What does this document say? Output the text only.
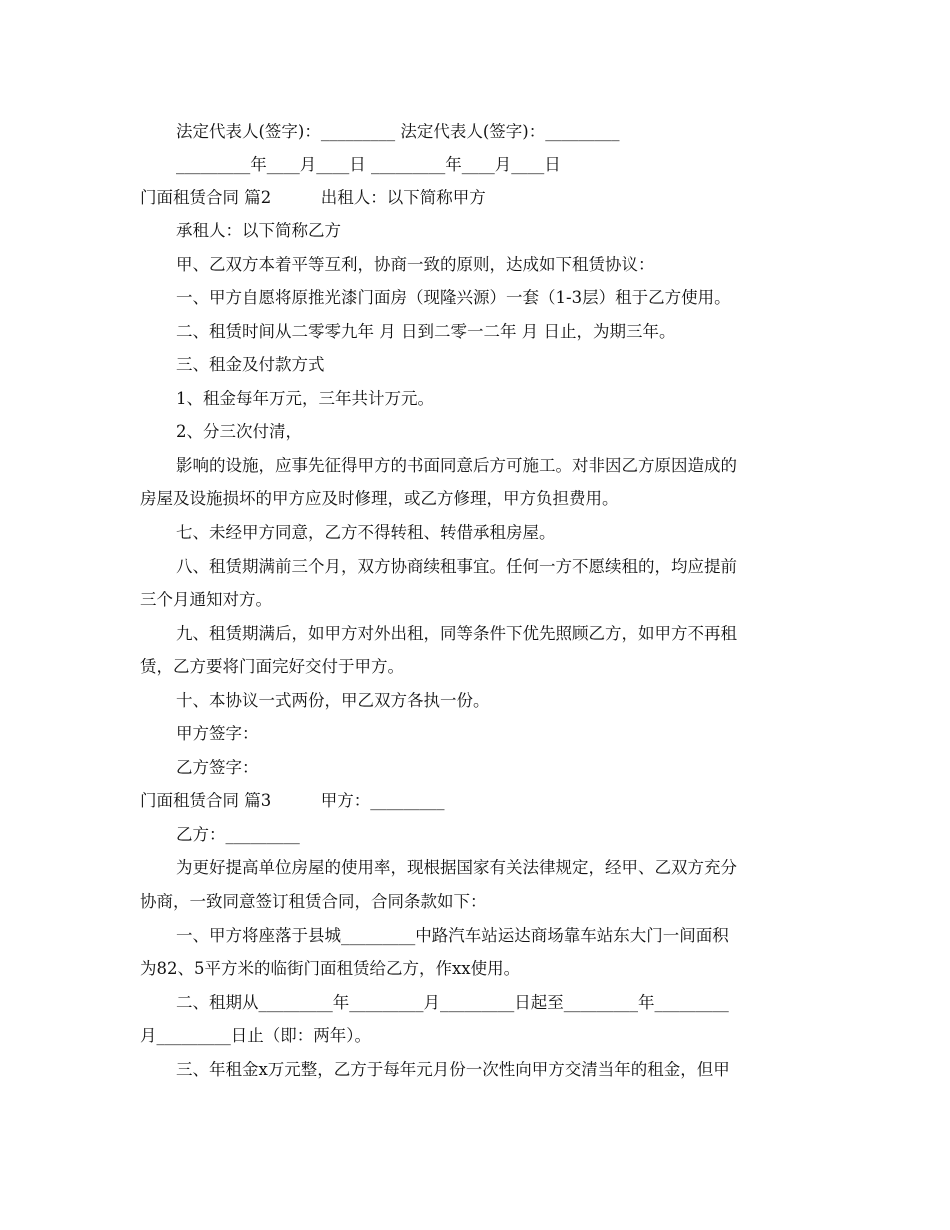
法定代表人(签字)：_________ 法定代表人(签字)：_________
_________年____月____日 _________年____月____日
门面租赁合同 篇2　　　出租人：以下简称甲方
承租人：以下简称乙方
甲、乙双方本着平等互利，协商一致的原则，达成如下租赁协议：
一、甲方自愿将原推光漆门面房（现隆兴源）一套（1-3层）租于乙方使用。
二、租赁时间从二零零九年 月 日到二零一二年 月 日止，为期三年。
三、租金及付款方式
1、租金每年万元，三年共计万元。
2、分三次付清，
影响的设施，应事先征得甲方的书面同意后方可施工。对非因乙方原因造成的
房屋及设施损坏的甲方应及时修理，或乙方修理，甲方负担费用。
七、未经甲方同意，乙方不得转租、转借承租房屋。
八、租赁期满前三个月，双方协商续租事宜。任何一方不愿续租的，均应提前
三个月通知对方。
九、租赁期满后，如甲方对外出租，同等条件下优先照顾乙方，如甲方不再租
赁，乙方要将门面完好交付于甲方。
十、本协议一式两份，甲乙双方各执一份。
甲方签字：
乙方签字：
门面租赁合同 篇3　　　甲方：_________
乙方：_________
为更好提高单位房屋的使用率，现根据国家有关法律规定，经甲、乙双方充分
协商，一致同意签订租赁合同，合同条款如下：
一、甲方将座落于县城_________中路汽车站运达商场靠车站东大门一间面积
为82、5平方米的临街门面租赁给乙方，作xx使用。
二、租期从_________年_________月_________日起至_________年_________
月_________日止（即：两年）。
三、年租金x万元整，乙方于每年元月份一次性向甲方交清当年的租金，但甲
